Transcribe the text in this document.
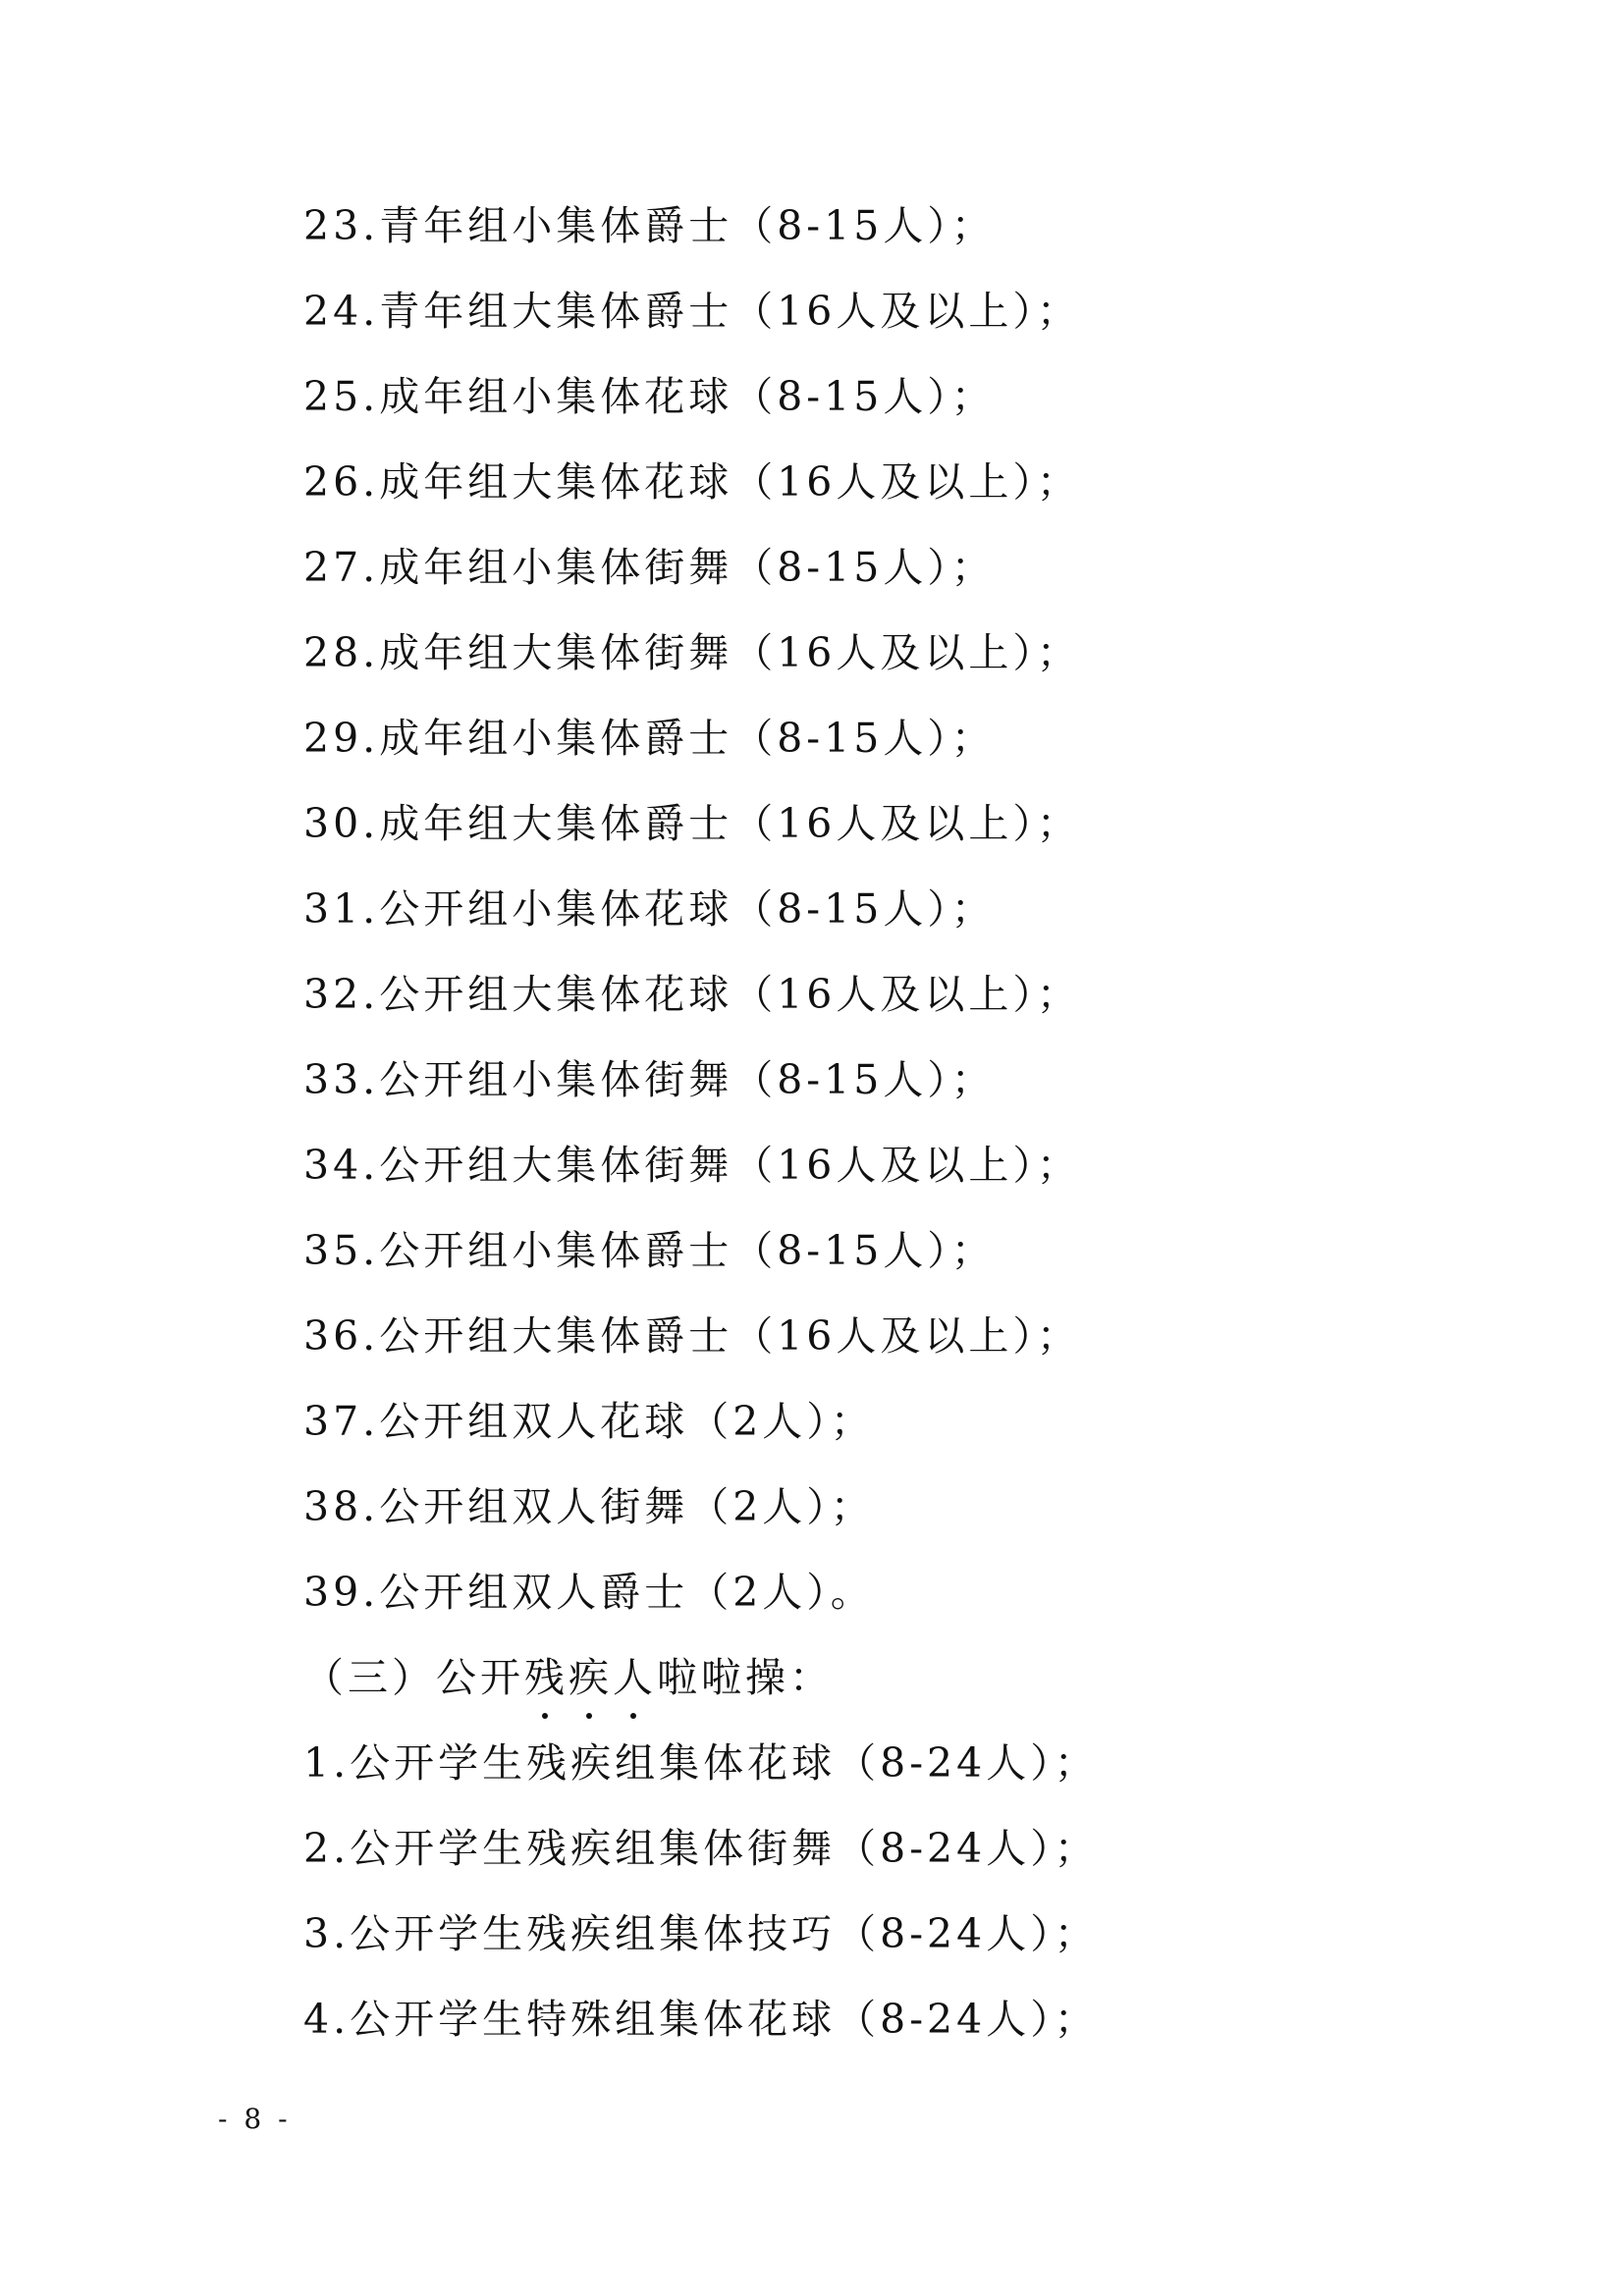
23.青年组小集体爵士（8-15人）；
24.青年组大集体爵士（16人及以上）；
25.成年组小集体花球（8-15人）；
26.成年组大集体花球（16人及以上）；
27.成年组小集体街舞（8-15人）；
28.成年组大集体街舞（16人及以上）；
29.成年组小集体爵士（8-15人）；
30.成年组大集体爵士（16人及以上）；
31.公开组小集体花球（8-15人）；
32.公开组大集体花球（16人及以上）；
33.公开组小集体街舞（8-15人）；
34.公开组大集体街舞（16人及以上）；
35.公开组小集体爵士（8-15人）；
36.公开组大集体爵士（16人及以上）；
37.公开组双人花球（2人）；
38.公开组双人街舞（2人）；
39.公开组双人爵士（2人）。
（三）公开残疾人啦啦操：
1.公开学生残疾组集体花球（8-24人）；
2.公开学生残疾组集体街舞（8-24人）；
3.公开学生残疾组集体技巧（8-24人）；
4.公开学生特殊组集体花球（8-24人）；
- 8 -
